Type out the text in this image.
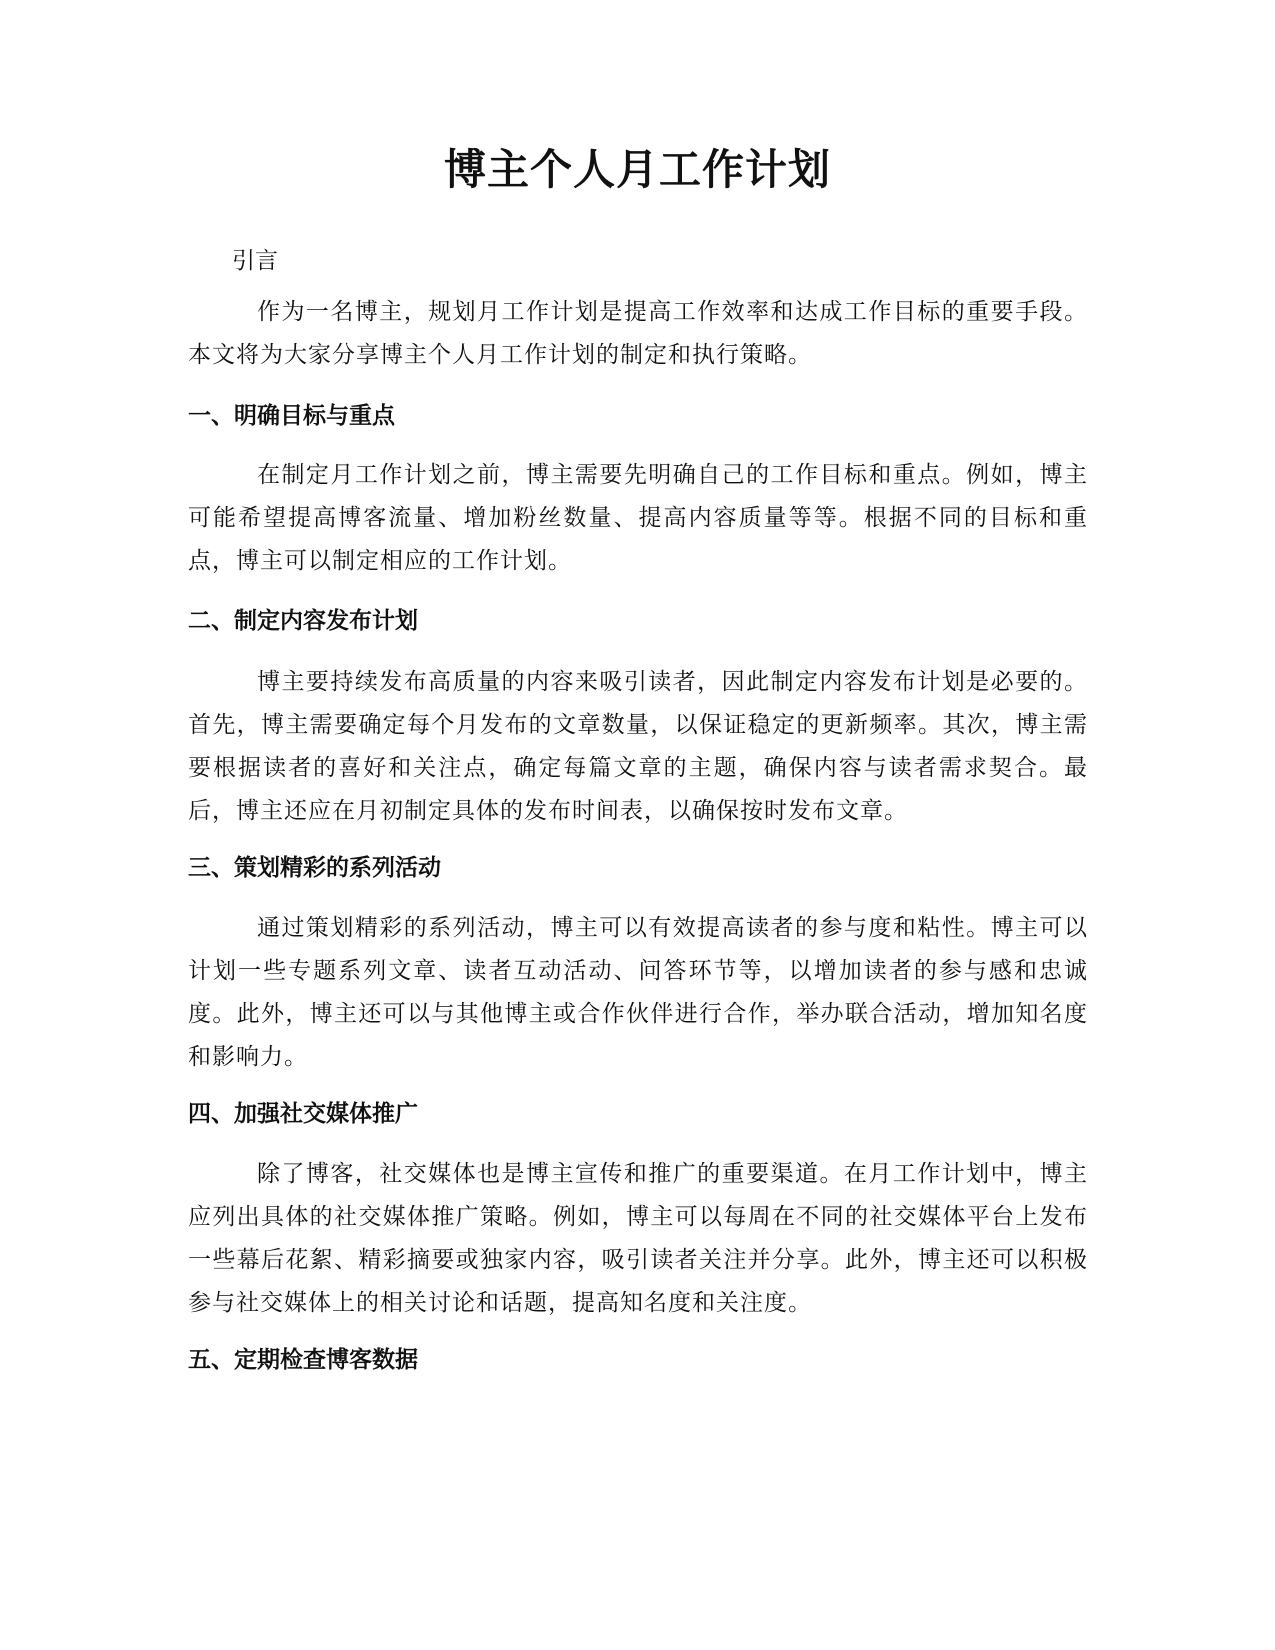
博主个人月工作计划

引言

作为一名博主，规划月工作计划是提高工作效率和达成工作目标的重要手段。本文将为大家分享博主个人月工作计划的制定和执行策略。

一、明确目标与重点

在制定月工作计划之前，博主需要先明确自己的工作目标和重点。例如，博主可能希望提高博客流量、增加粉丝数量、提高内容质量等等。根据不同的目标和重点，博主可以制定相应的工作计划。

二、制定内容发布计划

博主要持续发布高质量的内容来吸引读者，因此制定内容发布计划是必要的。首先，博主需要确定每个月发布的文章数量，以保证稳定的更新频率。其次，博主需要根据读者的喜好和关注点，确定每篇文章的主题，确保内容与读者需求契合。最后，博主还应在月初制定具体的发布时间表，以确保按时发布文章。

三、策划精彩的系列活动

通过策划精彩的系列活动，博主可以有效提高读者的参与度和粘性。博主可以计划一些专题系列文章、读者互动活动、问答环节等，以增加读者的参与感和忠诚度。此外，博主还可以与其他博主或合作伙伴进行合作，举办联合活动，增加知名度和影响力。

四、加强社交媒体推广

除了博客，社交媒体也是博主宣传和推广的重要渠道。在月工作计划中，博主应列出具体的社交媒体推广策略。例如，博主可以每周在不同的社交媒体平台上发布一些幕后花絮、精彩摘要或独家内容，吸引读者关注并分享。此外，博主还可以积极参与社交媒体上的相关讨论和话题，提高知名度和关注度。

五、定期检查博客数据
